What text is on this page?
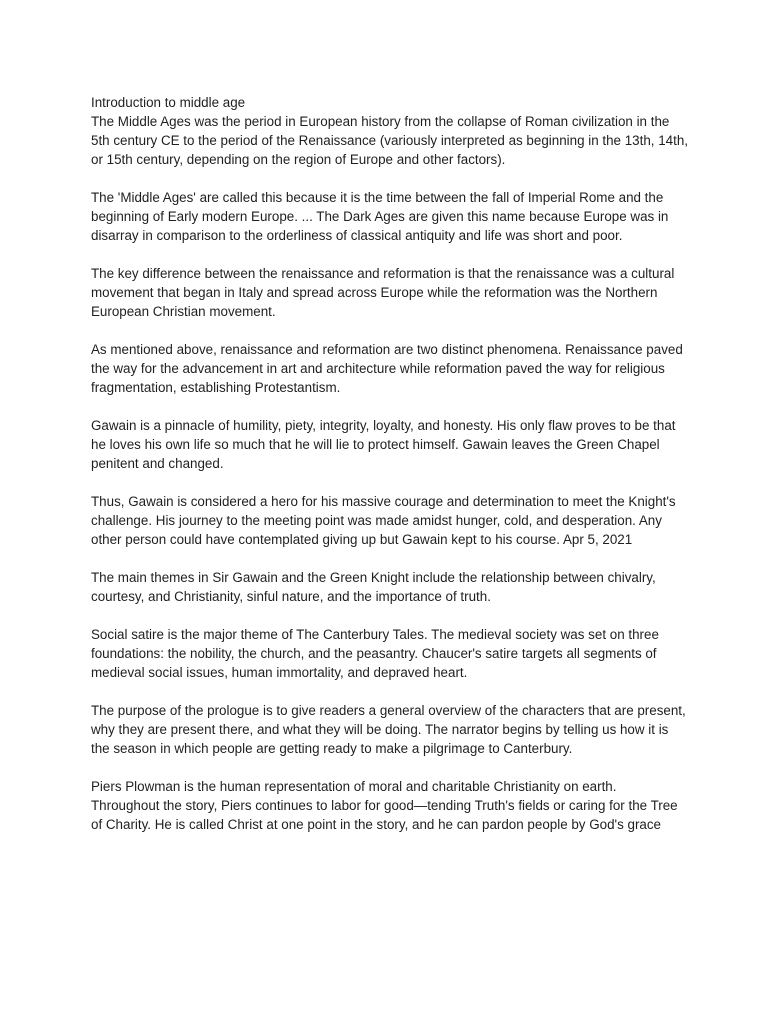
Introduction to middle age

The Middle Ages was the period in European history from the collapse of Roman civilization in the 5th century CE to the period of the Renaissance (variously interpreted as beginning in the 13th, 14th, or 15th century, depending on the region of Europe and other factors).

The 'Middle Ages' are called this because it is the time between the fall of Imperial Rome and the beginning of Early modern Europe. ... The Dark Ages are given this name because Europe was in disarray in comparison to the orderliness of classical antiquity and life was short and poor.

The key difference between the renaissance and reformation is that the renaissance was a cultural movement that began in Italy and spread across Europe while the reformation was the Northern European Christian movement.

As mentioned above, renaissance and reformation are two distinct phenomena. Renaissance paved the way for the advancement in art and architecture while reformation paved the way for religious fragmentation, establishing Protestantism.

Gawain is a pinnacle of humility, piety, integrity, loyalty, and honesty. His only flaw proves to be that he loves his own life so much that he will lie to protect himself. Gawain leaves the Green Chapel penitent and changed.

Thus, Gawain is considered a hero for his massive courage and determination to meet the Knight's challenge. His journey to the meeting point was made amidst hunger, cold, and desperation. Any other person could have contemplated giving up but Gawain kept to his course. Apr 5, 2021

The main themes in Sir Gawain and the Green Knight include the relationship between chivalry, courtesy, and Christianity, sinful nature, and the importance of truth.

Social satire is the major theme of The Canterbury Tales. The medieval society was set on three foundations: the nobility, the church, and the peasantry. Chaucer's satire targets all segments of medieval social issues, human immortality, and depraved heart.

The purpose of the prologue is to give readers a general overview of the characters that are present, why they are present there, and what they will be doing. The narrator begins by telling us how it is the season in which people are getting ready to make a pilgrimage to Canterbury.

Piers Plowman is the human representation of moral and charitable Christianity on earth. Throughout the story, Piers continues to labor for good—tending Truth's fields or caring for the Tree of Charity. He is called Christ at one point in the story, and he can pardon people by God's grace
